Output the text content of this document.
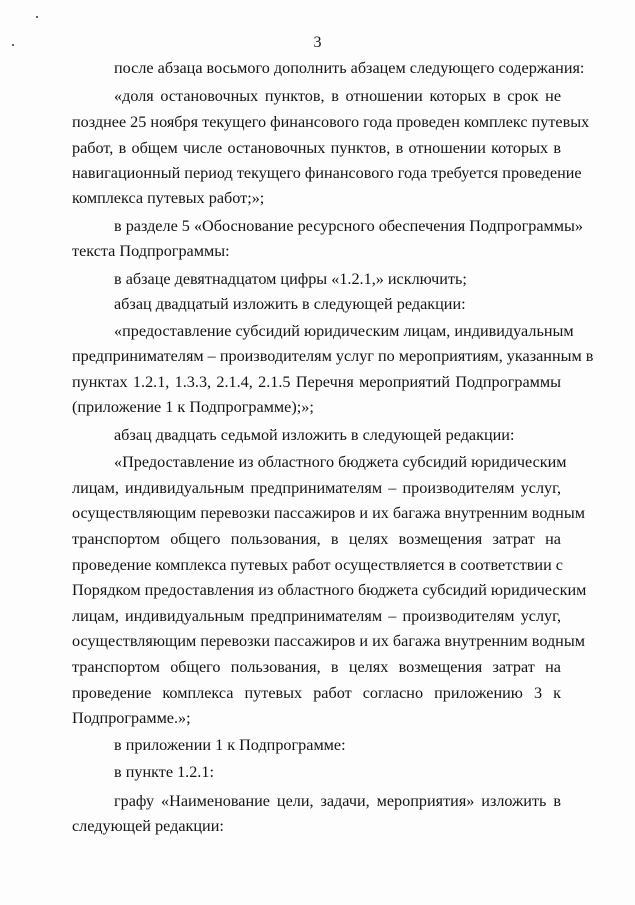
3
после абзаца восьмого дополнить абзацем следующего содержания:
«доля остановочных пунктов, в отношении которых в срок не
позднее 25 ноября текущего финансового года проведен комплекс путевых
работ, в общем числе остановочных пунктов, в отношении которых в
навигационный период текущего финансового года требуется проведение
комплекса путевых работ;»;
в разделе 5 «Обоснование ресурсного обеспечения Подпрограммы»
текста Подпрограммы:
в абзаце девятнадцатом цифры «1.2.1,» исключить;
абзац двадцатый изложить в следующей редакции:
«предоставление субсидий юридическим лицам, индивидуальным
предпринимателям – производителям услуг по мероприятиям, указанным в
пунктах 1.2.1, 1.3.3, 2.1.4, 2.1.5 Перечня мероприятий Подпрограммы
(приложение 1 к Подпрограмме);»;
абзац двадцать седьмой изложить в следующей редакции:
«Предоставление из областного бюджета субсидий юридическим
лицам, индивидуальным предпринимателям – производителям услуг,
осуществляющим перевозки пассажиров и их багажа внутренним водным
транспортом общего пользования, в целях возмещения затрат на
проведение комплекса путевых работ осуществляется в соответствии с
Порядком предоставления из областного бюджета субсидий юридическим
лицам, индивидуальным предпринимателям – производителям услуг,
осуществляющим перевозки пассажиров и их багажа внутренним водным
транспортом общего пользования, в целях возмещения затрат на
проведение комплекса путевых работ согласно приложению 3 к
Подпрограмме.»;
в приложении 1 к Подпрограмме:
в пункте 1.2.1:
графу «Наименование цели, задачи, мероприятия» изложить в
следующей редакции:
